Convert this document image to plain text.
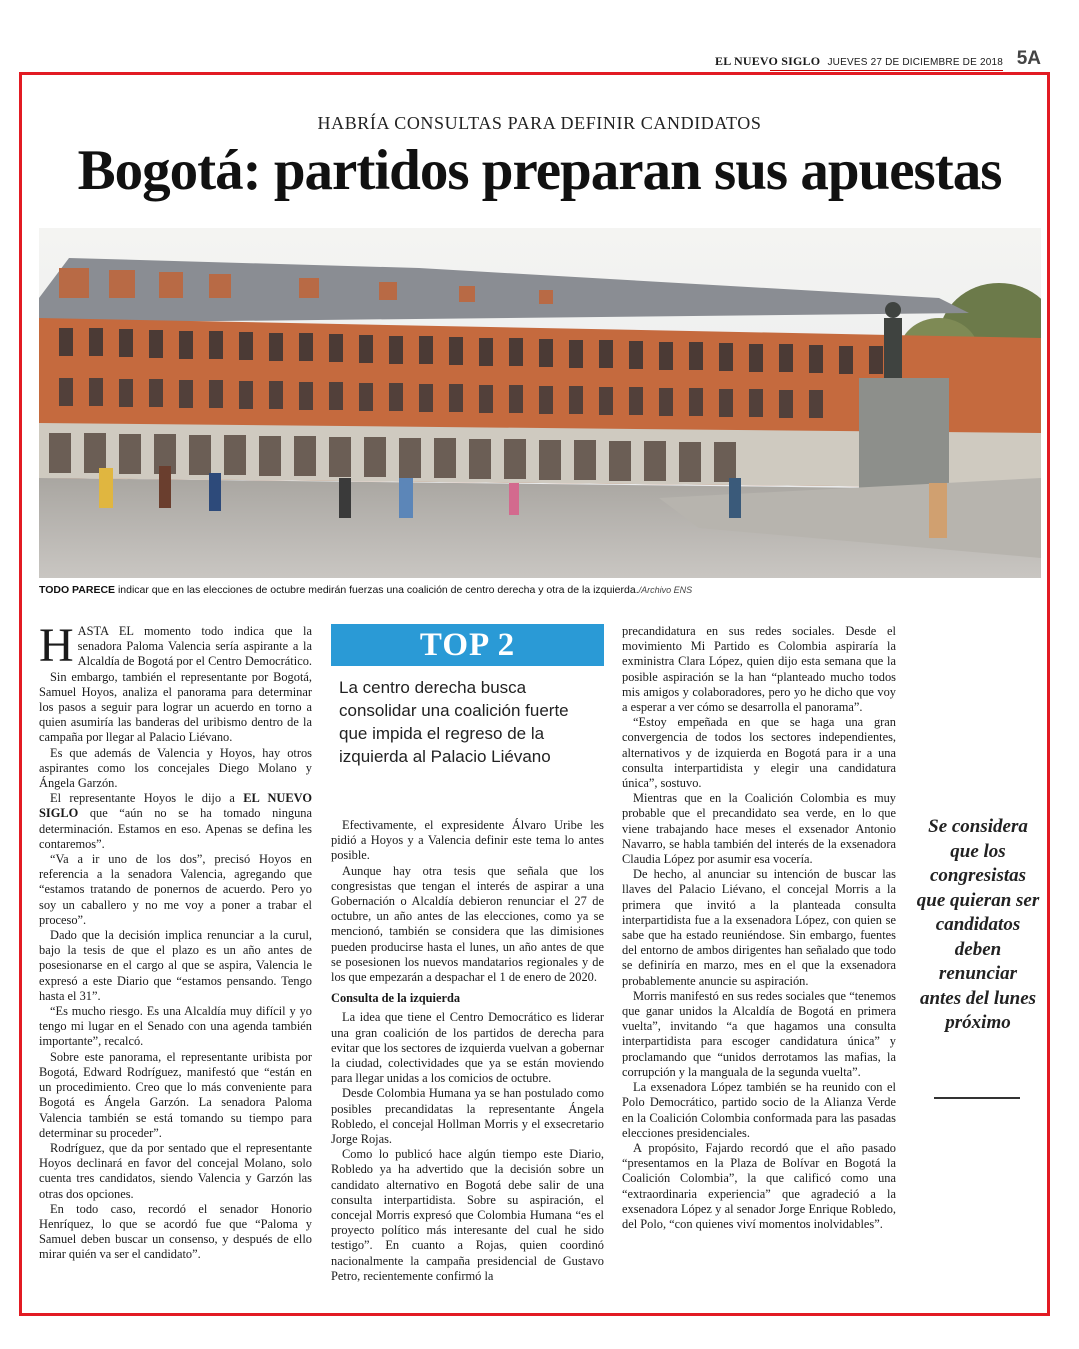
EL NUEVO SIGLO JUEVES 27 DE DICIEMBRE DE 2018 5A
HABRÍA CONSULTAS PARA DEFINIR CANDIDATOS
Bogotá: partidos preparan sus apuestas
TODO PARECE indicar que en las elecciones de octubre medirán fuerzas una coalición de centro derecha y otra de la izquierda./Archivo ENS

HASTA EL momento todo indica que la senadora Paloma Valencia sería aspirante a la Alcaldía de Bogotá por el Centro Democrático.

Sin embargo, también el representante por Bogotá, Samuel Hoyos, analiza el panorama para determinar los pasos a seguir para lograr un acuerdo en torno a quien asumiría las banderas del uribismo dentro de la campaña por llegar al Palacio Liévano.

Es que además de Valencia y Hoyos, hay otros aspirantes como los concejales Diego Molano y Ángela Garzón.

El representante Hoyos le dijo a EL NUEVO SIGLO que “aún no se ha tomado ninguna determinación. Estamos en eso. Apenas se defina les contaremos”.

“Va a ir uno de los dos”, precisó Hoyos en referencia a la senadora Valencia, agregando que “estamos tratando de ponernos de acuerdo. Pero yo soy un caballero y no me voy a poner a trabar el proceso”.

Dado que la decisión implica renunciar a la curul, bajo la tesis de que el plazo es un año antes de posesionarse en el cargo al que se aspira, Valencia le expresó a este Diario que “estamos pensando. Tengo hasta el 31”.

“Es mucho riesgo. Es una Alcaldía muy difícil y yo tengo mi lugar en el Senado con una agenda también importante”, recalcó.

Sobre este panorama, el representante uribista por Bogotá, Edward Rodríguez, manifestó que “están en un procedimiento. Creo que lo más conveniente para Bogotá es Ángela Garzón. La senadora Paloma Valencia también se está tomando su tiempo para determinar su proceder”.

Rodríguez, que da por sentado que el representante Hoyos declinará en favor del concejal Molano, solo cuenta tres candidatos, siendo Valencia y Garzón las otras dos opciones.

En todo caso, recordó el senador Honorio Henríquez, lo que se acordó fue que “Paloma y Samuel deben buscar un consenso, y después de ello mirar quién va ser el candidato”.

TOP 2
La centro derecha busca consolidar una coalición fuerte que impida el regreso de la izquierda al Palacio Liévano

Efectivamente, el expresidente Álvaro Uribe les pidió a Hoyos y a Valencia definir este tema lo antes posible.

Aunque hay otra tesis que señala que los congresistas que tengan el interés de aspirar a una Gobernación o Alcaldía debieron renunciar el 27 de octubre, un año antes de las elecciones, como ya se mencionó, también se considera que las dimisiones pueden producirse hasta el lunes, un año antes de que se posesionen los nuevos mandatarios regionales y de los que empezarán a despachar el 1 de enero de 2020.

Consulta de la izquierda

La idea que tiene el Centro Democrático es liderar una gran coalición de los partidos de derecha para evitar que los sectores de izquierda vuelvan a gobernar la ciudad, colectividades que ya se están moviendo para llegar unidas a los comicios de octubre.

Desde Colombia Humana ya se han postulado como posibles precandidatas la representante Ángela Robledo, el concejal Hollman Morris y el exsecretario Jorge Rojas.

Como lo publicó hace algún tiempo este Diario, Robledo ya ha advertido que la decisión sobre un candidato alternativo en Bogotá debe salir de una consulta interpartidista. Sobre su aspiración, el concejal Morris expresó que Colombia Humana “es el proyecto político más interesante del cual he sido testigo”. En cuanto a Rojas, quien coordinó nacionalmente la campaña presidencial de Gustavo Petro, recientemente confirmó la

precandidatura en sus redes sociales. Desde el movimiento Mi Partido es Colombia aspiraría la exministra Clara López, quien dijo esta semana que la posible aspiración se la han “planteado mucho todos mis amigos y colaboradores, pero yo he dicho que voy a esperar a ver cómo se desarrolla el panorama”.

“Estoy empeñada en que se haga una gran convergencia de todos los sectores independientes, alternativos y de izquierda en Bogotá para ir a una consulta interpartidista y elegir una candidatura única”, sostuvo.

Mientras que en la Coalición Colombia es muy probable que el precandidato sea verde, en lo que viene trabajando hace meses el exsenador Antonio Navarro, se habla también del interés de la exsenadora Claudia López por asumir esa vocería.

De hecho, al anunciar su intención de buscar las llaves del Palacio Liévano, el concejal Morris a la primera que invitó a la planteada consulta interpartidista fue a la exsenadora López, con quien se sabe que ha estado reuniéndose. Sin embargo, fuentes del entorno de ambos dirigentes han señalado que todo se definiría en marzo, mes en el que la exsenadora probablemente anuncie su aspiración.

Morris manifestó en sus redes sociales que “tenemos que ganar unidos la Alcaldía de Bogotá en primera vuelta”, invitando “a que hagamos una consulta interpartidista para escoger candidatura única” y proclamando que “unidos derrotamos las mafias, la corrupción y la manguala de la segunda vuelta”.

La exsenadora López también se ha reunido con el Polo Democrático, partido socio de la Alianza Verde en la Coalición Colombia conformada para las pasadas elecciones presidenciales.

A propósito, Fajardo recordó que el año pasado “presentamos en la Plaza de Bolívar en Bogotá la Coalición Colombia”, la que calificó como una “extraordinaria experiencia” que agradeció a la exsenadora López y al senador Jorge Enrique Robledo, del Polo, “con quienes viví momentos inolvidables”.

Se considera que los congresistas que quieran ser candidatos deben renunciar antes del lunes próximo
